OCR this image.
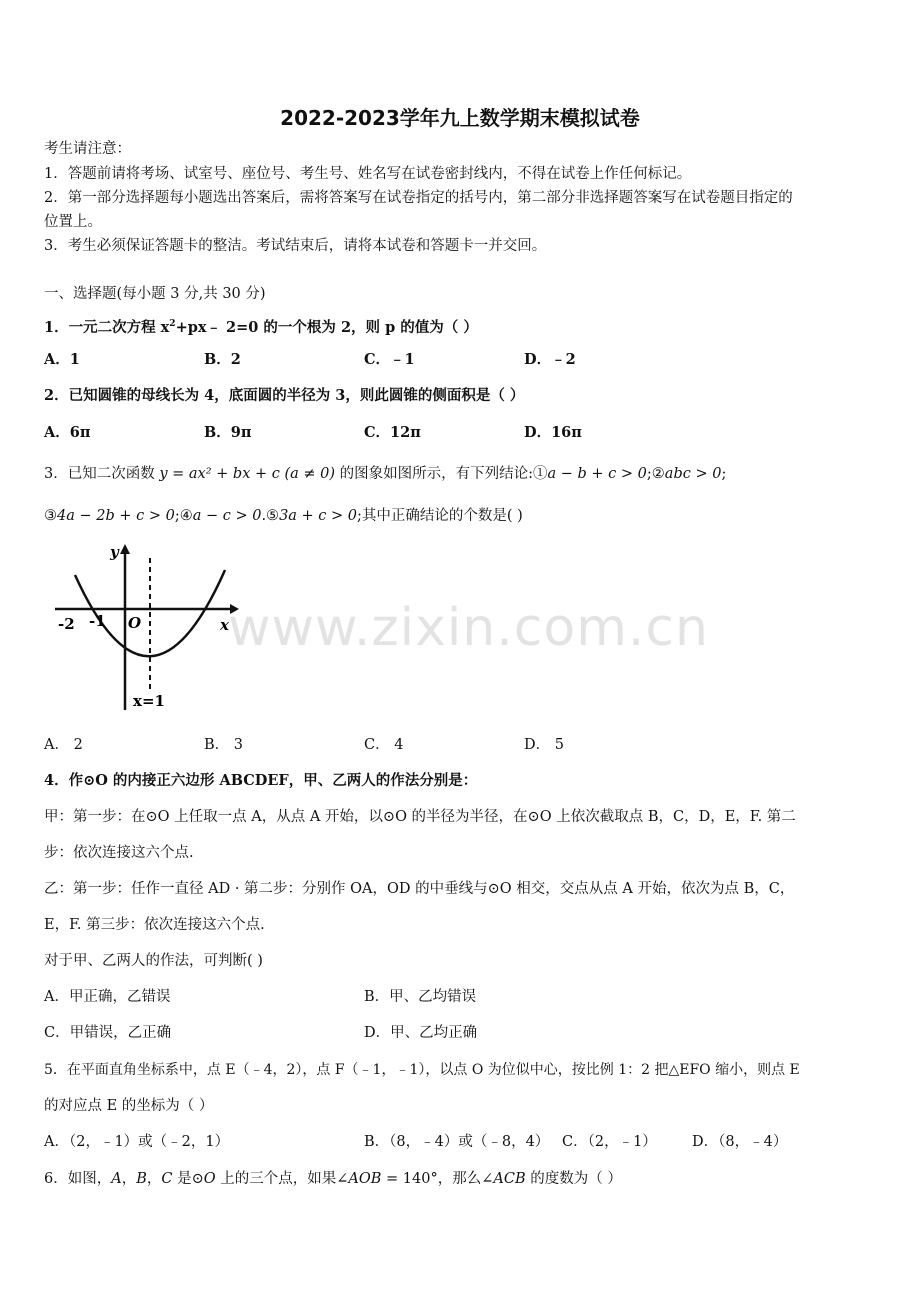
2022-2023学年九上数学期末模拟试卷
考生请注意：
1．答题前请将考场、试室号、座位号、考生号、姓名写在试卷密封线内，不得在试卷上作任何标记。
2．第一部分选择题每小题选出答案后，需将答案写在试卷指定的括号内，第二部分非选择题答案写在试卷题目指定的
位置上。
3．考生必须保证答题卡的整洁。考试结束后，请将本试卷和答题卡一并交回。
一、选择题(每小题 3 分,共 30 分)
1．一元二次方程 $x^2+px﹣$ 2=0 的一个根为 2，则 p 的值为（ ）
A．1	B．2	C．﹣1	D．﹣2
2．已知圆锥的母线长为 4，底面圆的半径为 3，则此圆锥的侧面积是（ ）
A．6π	B．9π	C．12π	D．16π
3．已知二次函数 y = ax² + bx + c (a ≠ 0) 的图象如图所示，有下列结论:①a − b + c > 0;②abc > 0;
③4a − 2b + c > 0;④a − c > 0.⑤3a + c > 0;其中正确结论的个数是( )
y
x
O
-2 -1
x=1
A． 2	B． 3	C． 4	D． 5
4．作⊙O 的内接正六边形 ABCDEF，甲、乙两人的作法分别是：
甲：第一步：在⊙O 上任取一点 A，从点 A 开始，以⊙O 的半径为半径，在⊙O 上依次截取点 B，C，D，E，F. 第二
步：依次连接这六个点.
乙：第一步：任作一直径 AD · 第二步：分别作 OA，OD 的中垂线与⊙O 相交，交点从点 A 开始，依次为点 B，C，
E，F. 第三步：依次连接这六个点.
对于甲、乙两人的作法，可判断( )
A．甲正确，乙错误	B．甲、乙均错误
C．甲错误，乙正确	D．甲、乙均正确
5．在平面直角坐标系中，点 E（﹣4，2），点 F（﹣1，﹣1），以点 O 为位似中心，按比例 1：2 把△EFO 缩小，则点 E
的对应点 E 的坐标为（ ）
A．（2，﹣1）或（﹣2，1）	B．（8，﹣4）或（﹣8，4） C．（2，﹣1） D．（8，﹣4）
6．如图，A，B，C 是⊙O 上的三个点，如果∠AOB = 140°，那么∠ACB 的度数为（ ）
www.zixin.com.cn
